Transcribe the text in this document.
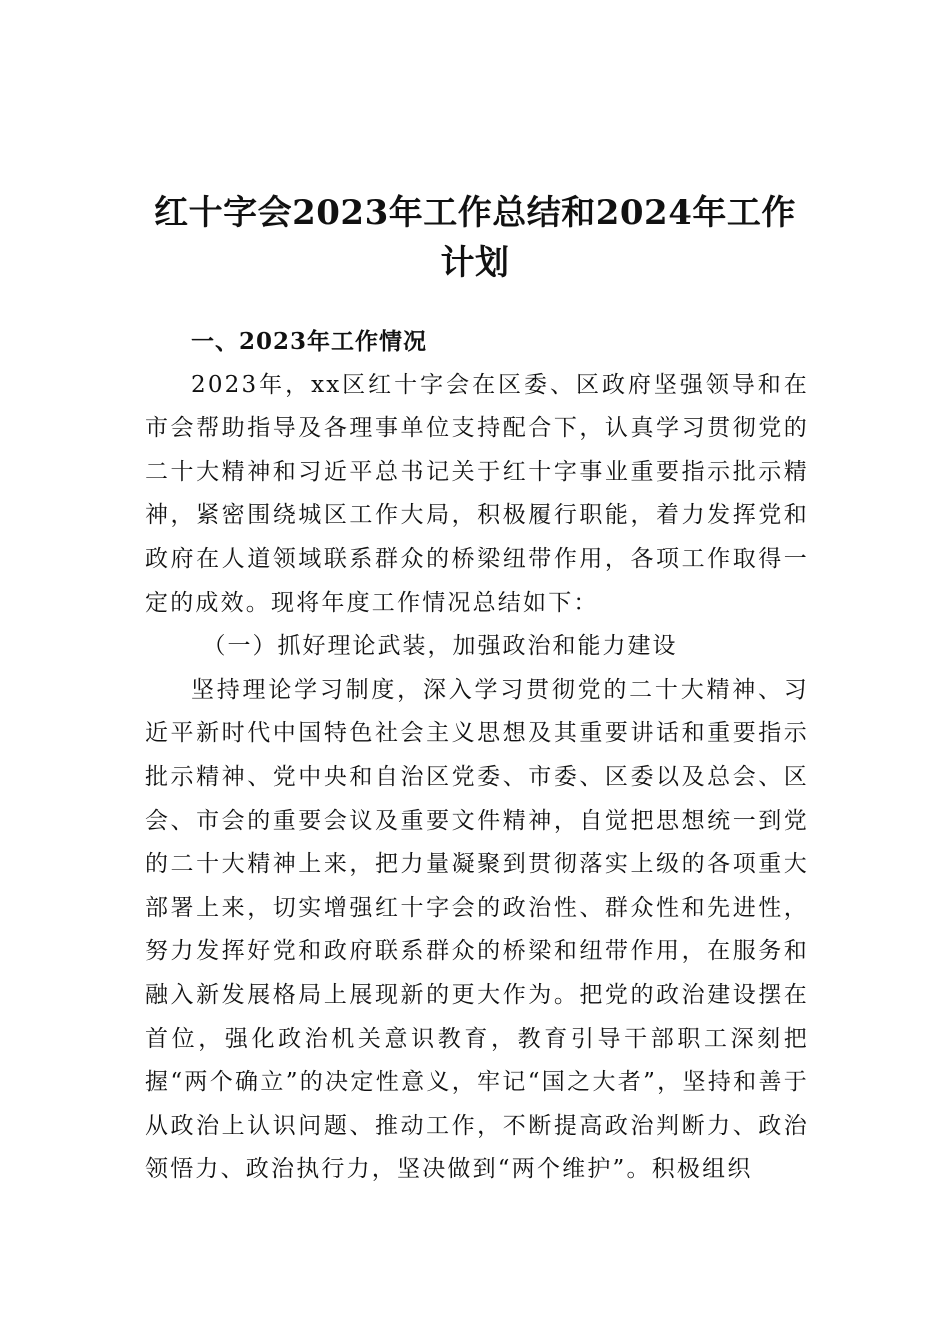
红十字会2023年工作总结和2024年工作计划

一、2023年工作情况

2023年，xx区红十字会在区委、区政府坚强领导和在市会帮助指导及各理事单位支持配合下，认真学习贯彻党的二十大精神和习近平总书记关于红十字事业重要指示批示精神，紧密围绕城区工作大局，积极履行职能，着力发挥党和政府在人道领域联系群众的桥梁纽带作用，各项工作取得一定的成效。现将年度工作情况总结如下：

（一）抓好理论武装，加强政治和能力建设

坚持理论学习制度，深入学习贯彻党的二十大精神、习近平新时代中国特色社会主义思想及其重要讲话和重要指示批示精神、党中央和自治区党委、市委、区委以及总会、区会、市会的重要会议及重要文件精神，自觉把思想统一到党的二十大精神上来，把力量凝聚到贯彻落实上级的各项重大部署上来，切实增强红十字会的政治性、群众性和先进性，努力发挥好党和政府联系群众的桥梁和纽带作用，在服务和融入新发展格局上展现新的更大作为。把党的政治建设摆在首位，强化政治机关意识教育，教育引导干部职工深刻把握“两个确立”的决定性意义，牢记“国之大者”，坚持和善于从政治上认识问题、推动工作，不断提高政治判断力、政治领悟力、政治执行力，坚决做到“两个维护”。积极组织
